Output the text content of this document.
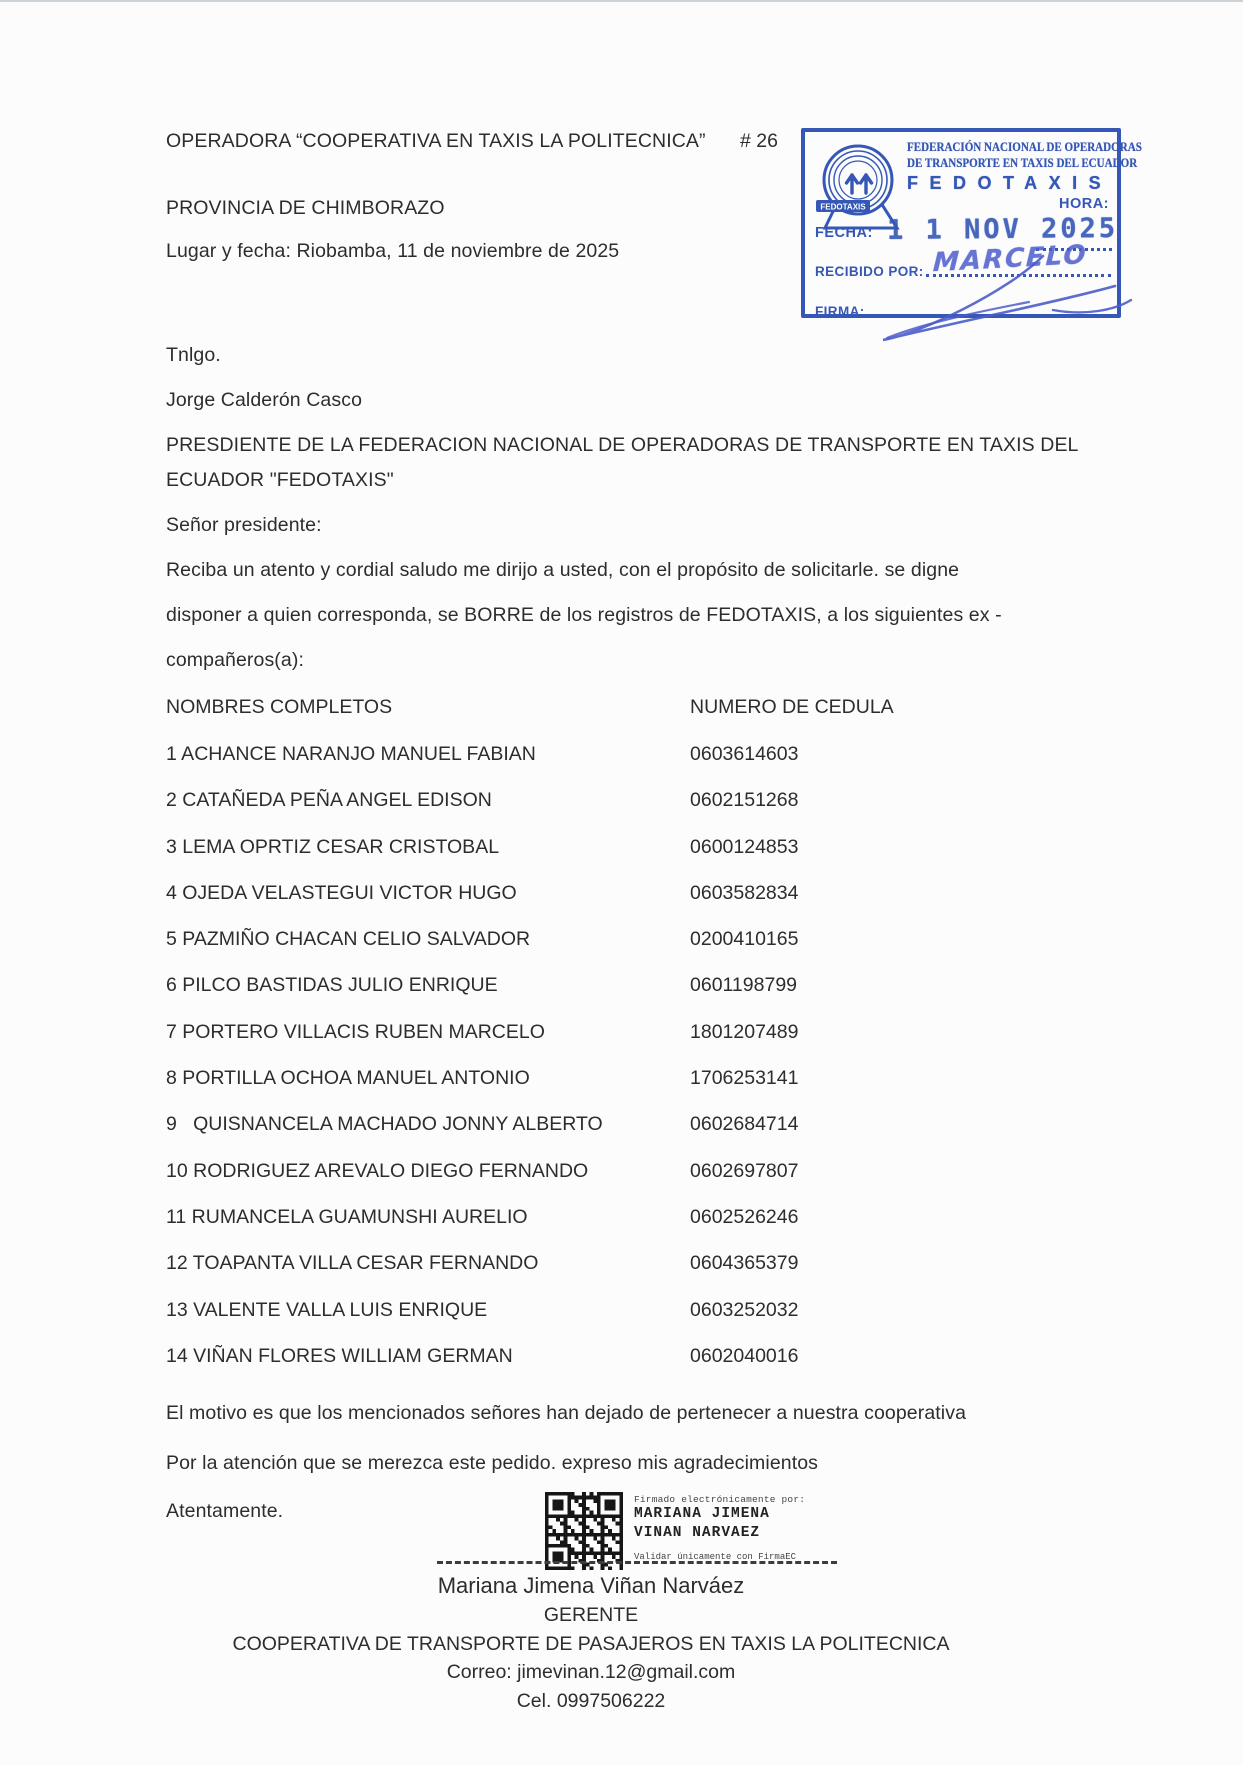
OPERADORA “COOPERATIVA EN TAXIS LA POLITECNICA” # 26
PROVINCIA DE CHIMBORAZO
Lugar y fecha: Riobamba, 11 de noviembre de 2025
FEDOTAXIS
FEDERACIÓN NACIONAL DE OPERADORAS
DE TRANSPORTE EN TAXIS DEL ECUADOR
FEDOTAXIS
HORA:
FECHA: 1 1 NOV 2025
RECIBIDO POR: MARCELO
FIRMA:
Tnlgo.
Jorge Calderón Casco
PRESDIENTE DE LA FEDERACION NACIONAL DE OPERADORAS DE TRANSPORTE EN TAXIS DEL
ECUADOR "FEDOTAXIS"
Señor presidente:
Reciba un atento y cordial saludo me dirijo a usted, con el propósito de solicitarle. se digne
disponer a quien corresponda, se BORRE de los registros de FEDOTAXIS, a los siguientes ex -
compañeros(a):
NOMBRES COMPLETOS	NUMERO DE CEDULA
1 ACHANCE NARANJO MANUEL FABIAN	0603614603
2 CATAÑEDA PEÑA ANGEL EDISON	0602151268
3 LEMA OPRTIZ CESAR CRISTOBAL	0600124853
4 OJEDA VELASTEGUI VICTOR HUGO	0603582834
5 PAZMIÑO CHACAN CELIO SALVADOR	0200410165
6 PILCO BASTIDAS JULIO ENRIQUE	0601198799
7 PORTERO VILLACIS RUBEN MARCELO	1801207489
8 PORTILLA OCHOA MANUEL ANTONIO	1706253141
9   QUISNANCELA MACHADO JONNY ALBERTO	0602684714
10 RODRIGUEZ AREVALO DIEGO FERNANDO	0602697807
11 RUMANCELA GUAMUNSHI AURELIO	0602526246
12 TOAPANTA VILLA CESAR FERNANDO	0604365379
13 VALENTE VALLA LUIS ENRIQUE	0603252032
14 VIÑAN FLORES WILLIAM GERMAN	0602040016
El motivo es que los mencionados señores han dejado de pertenecer a nuestra cooperativa
Por la atención que se merezca este pedido. expreso mis agradecimientos
Atentamente.
Firmado electrónicamente por:
MARIANA JIMENA
VINAN NARVAEZ
Validar únicamente con FirmaEC
Mariana Jimena Viñan Narváez
GERENTE
COOPERATIVA DE TRANSPORTE DE PASAJEROS EN TAXIS LA POLITECNICA
Correo: jimevinan.12@gmail.com
Cel. 0997506222
